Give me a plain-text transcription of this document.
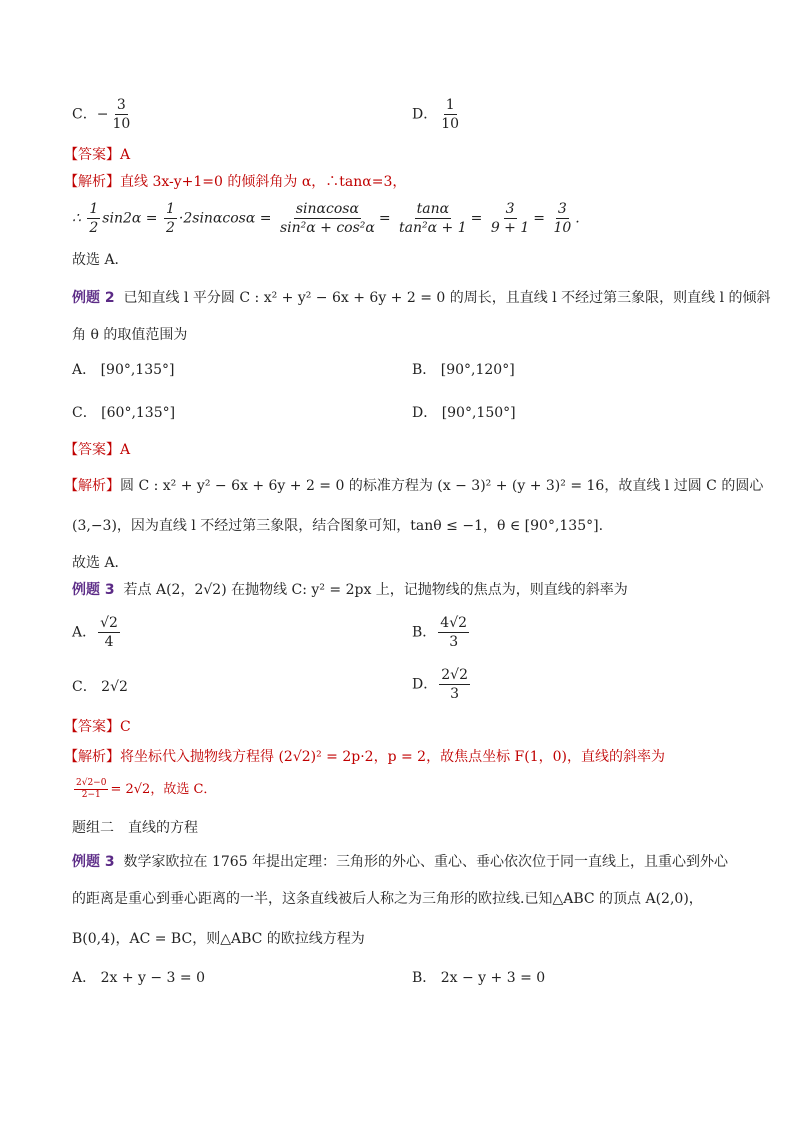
C．− $\frac{3}{10}$	D． $\frac{1}{10}$
【答案】A
【解析】直线 3x-y+1=0 的倾斜角为 α，∴tanα=3，
∴ $\frac{1}{2} \sin 2\alpha = \frac{1}{2} \cdot 2\sin\alpha\cos\alpha = \frac{\sin\alpha\cos\alpha}{\text{sin²α + cos²α}} = \frac{\tan\alpha}{\text{tan²α + 1}} = \frac{3}{9 + 1} = \frac{3}{10}$ .
故选 A．
例题 2 已知直线 l 平分圆 C : x² + y² − 6x + 6y + 2 = 0 的周长，且直线 l 不经过第三象限，则直线 l 的倾斜
角 θ 的取值范围为
A． [90°,135°]	B． [90°,120°]
C． [60°,135°]	D． [90°,150°]
【答案】A
【解析】圆 C : x² + y² − 6x + 6y + 2 = 0 的标准方程为 (x − 3)² + (y + 3)² = 16，故直线 l 过圆 C 的圆心
(3,−3)，因为直线 l 不经过第三象限，结合图象可知，tanθ ≤ −1，θ ∈ [90°,135°].
故选 A．
例题 3 若点 A(2，2√2) 在抛物线 C: y² = 2px 上，记抛物线的焦点为，则直线的斜率为
A． $\frac{√2}{4}$	B． $\frac{4√2}{3}$
C． 2√2	D． $\frac{2√2}{3}$
【答案】C
【解析】将坐标代入抛物线方程得 (2√2)² = 2p·2，p = 2，故焦点坐标 F(1，0)，直线的斜率为
$\frac{2√2-0}{2-1} = 2√2$，故选 C．
题组二　直线的方程
例题 3 数学家欧拉在 1765 年提出定理：三角形的外心、重心、垂心依次位于同一直线上，且重心到外心
的距离是重心到垂心距离的一半，这条直线被后人称之为三角形的欧拉线.已知△ABC 的顶点 A(2,0)，
B(0,4)，AC = BC，则△ABC 的欧拉线方程为
A． 2x + y − 3 = 0	B． 2x − y + 3 = 0
